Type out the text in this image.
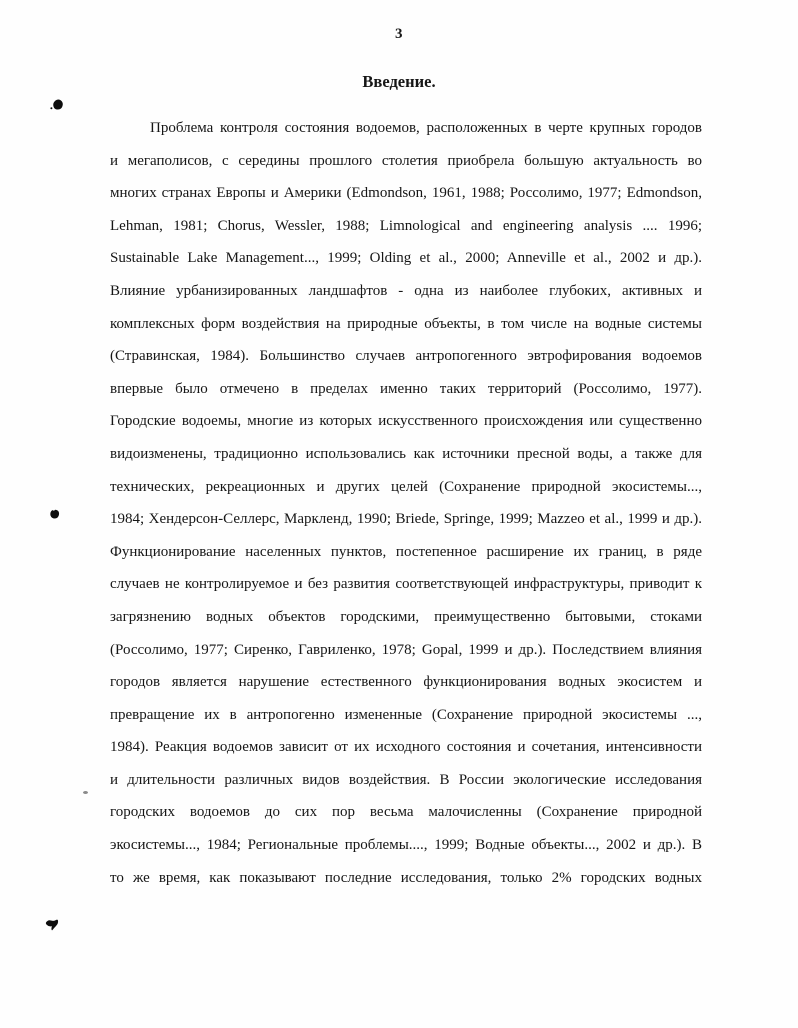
3
Введение.
Проблема контроля состояния водоемов, расположенных в черте крупных городов
и мегаполисов, с середины прошлого столетия приобрела большую актуальность во
многих странах Европы и Америки (Edmondson, 1961, 1988; Россолимо, 1977; Edmondson,
Lehman, 1981; Chorus, Wessler, 1988; Limnological and engineering analysis .... 1996;
Sustainable Lake Management..., 1999; Olding et al., 2000; Anneville et al., 2002 и др.).
Влияние урбанизированных ландшафтов - одна из наиболее глубоких, активных и
комплексных форм воздействия на природные объекты, в том числе на водные системы
(Стравинская, 1984). Большинство случаев антропогенного эвтрофирования водоемов
впервые было отмечено в пределах именно таких территорий (Россолимо, 1977).
Городские водоемы, многие из которых искусственного происхождения или существенно
видоизменены, традиционно использовались как источники пресной воды, а также для
технических, рекреационных и других целей (Сохранение природной экосистемы...,
1984; Хендерсон-Селлерс, Маркленд, 1990; Briede, Springe, 1999; Mazzeo et al., 1999 и др.).
Функционирование населенных пунктов, постепенное расширение их границ, в ряде
случаев не контролируемое и без развития соответствующей инфраструктуры, приводит к
загрязнению водных объектов городскими, преимущественно бытовыми, стоками
(Россолимо, 1977; Сиренко, Гавриленко, 1978; Gopal, 1999 и др.). Последствием влияния
городов является нарушение естественного функционирования водных экосистем и
превращение их в антропогенно измененные (Сохранение природной экосистемы ...,
1984). Реакция водоемов зависит от их исходного состояния и сочетания, интенсивности
и длительности различных видов воздействия. В России экологические исследования
городских водоемов до сих пор весьма малочисленны (Сохранение природной
экосистемы..., 1984; Региональные проблемы...., 1999; Водные объекты..., 2002 и др.). В
то же время, как показывают последние исследования, только 2% городских водных
